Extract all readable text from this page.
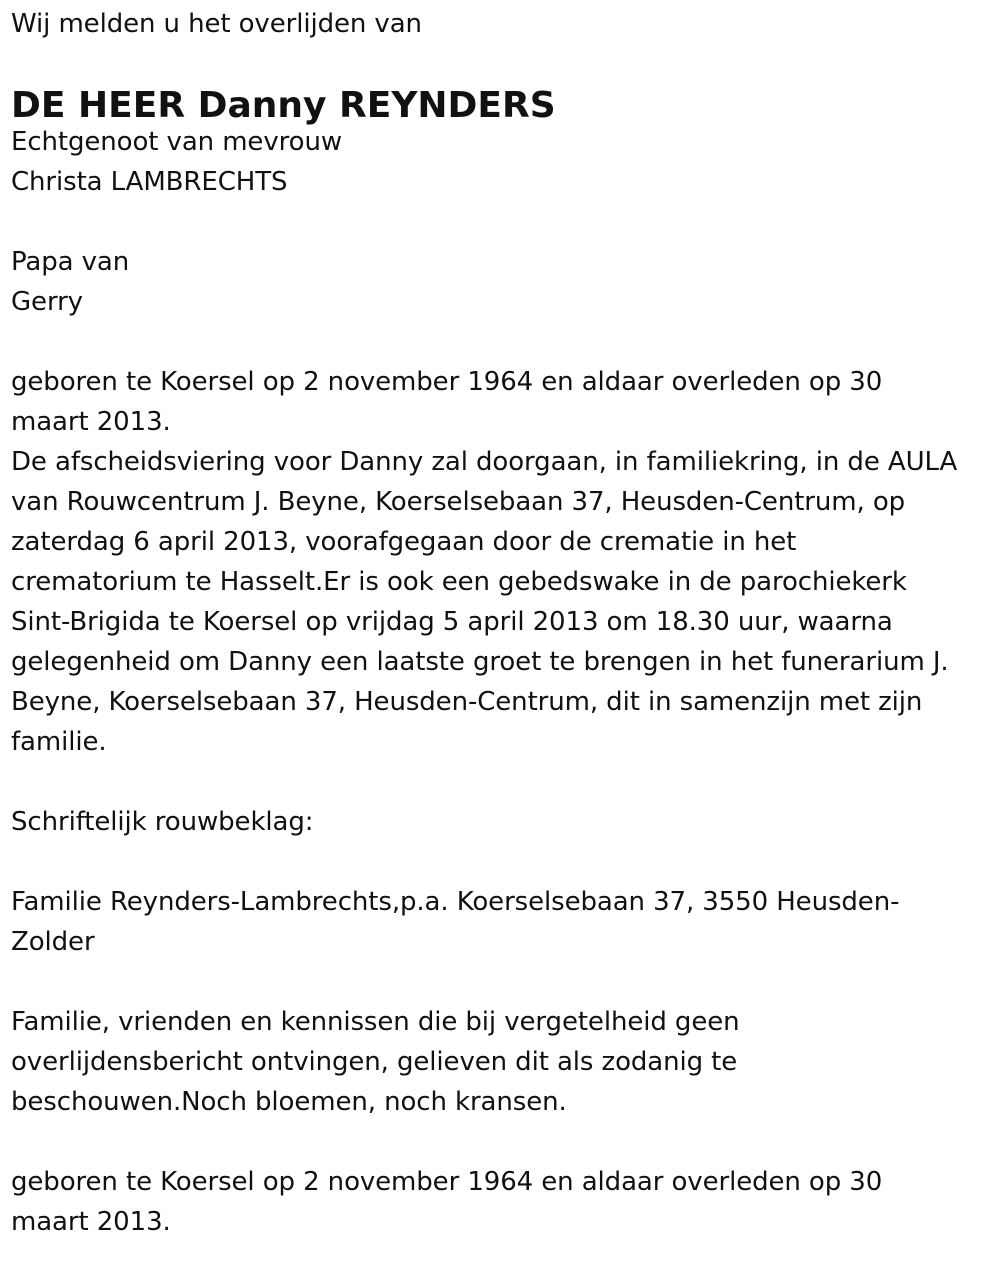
Wij melden u het overlijden van
DE HEER Danny REYNDERS
Echtgenoot van mevrouw
Christa LAMBRECHTS
Papa van
Gerry
geboren te Koersel op 2 november 1964 en aldaar overleden op 30
maart 2013.
De afscheidsviering voor Danny zal doorgaan, in familiekring, in de AULA
van Rouwcentrum J. Beyne, Koerselsebaan 37, Heusden-Centrum, op
zaterdag 6 april 2013, voorafgegaan door de crematie in het
crematorium te Hasselt.Er is ook een gebedswake in de parochiekerk
Sint-Brigida te Koersel op vrijdag 5 april 2013 om 18.30 uur, waarna
gelegenheid om Danny een laatste groet te brengen in het funerarium J.
Beyne, Koerselsebaan 37, Heusden-Centrum, dit in samenzijn met zijn
familie.
Schriftelijk rouwbeklag:
Familie Reynders-Lambrechts,p.a. Koerselsebaan 37, 3550 Heusden-
Zolder
Familie, vrienden en kennissen die bij vergetelheid geen
overlijdensbericht ontvingen, gelieven dit als zodanig te
beschouwen.Noch bloemen, noch kransen.
geboren te Koersel op 2 november 1964 en aldaar overleden op 30
maart 2013.
